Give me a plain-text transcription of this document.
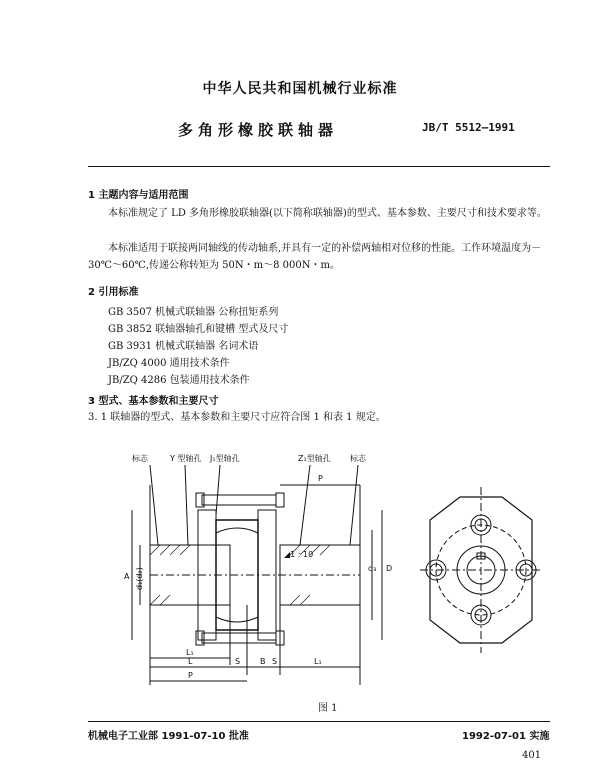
中华人民共和国机械行业标准
多角形橡胶联轴器	JB/T 5512—1991
1 主题内容与适用范围
本标准规定了 LD 多角形橡胶联轴器(以下简称联轴器)的型式、基本参数、主要尺寸和技术要求等。
本标准适用于联接两同轴线的传动轴系,并具有一定的补偿两轴相对位移的性能。工作环境温度为－30℃～60℃,传递公称转矩为 50N・m～8 000N・m。
2 引用标准
GB 3507 机械式联轴器 公称扭矩系列
GB 3852 联轴器轴孔和键槽 型式及尺寸
GB 3931 机械式联轴器 名词术语
JB/ZQ 4000 通用技术条件
JB/ZQ 4286 包装通用技术条件
3 型式、基本参数和主要尺寸
3. 1 联轴器的型式、基本参数和主要尺寸应符合图 1 和表 1 规定。
标志	Y 型轴孔 J₁型轴孔	Z₁型轴孔 标志
P
A d₁(d₂)	d₃ D
◢1 : 10
L₁
L	S B S	L₁
P
图 1
机械电子工业部 1991-07-10 批准	1992-07-01 实施
401
